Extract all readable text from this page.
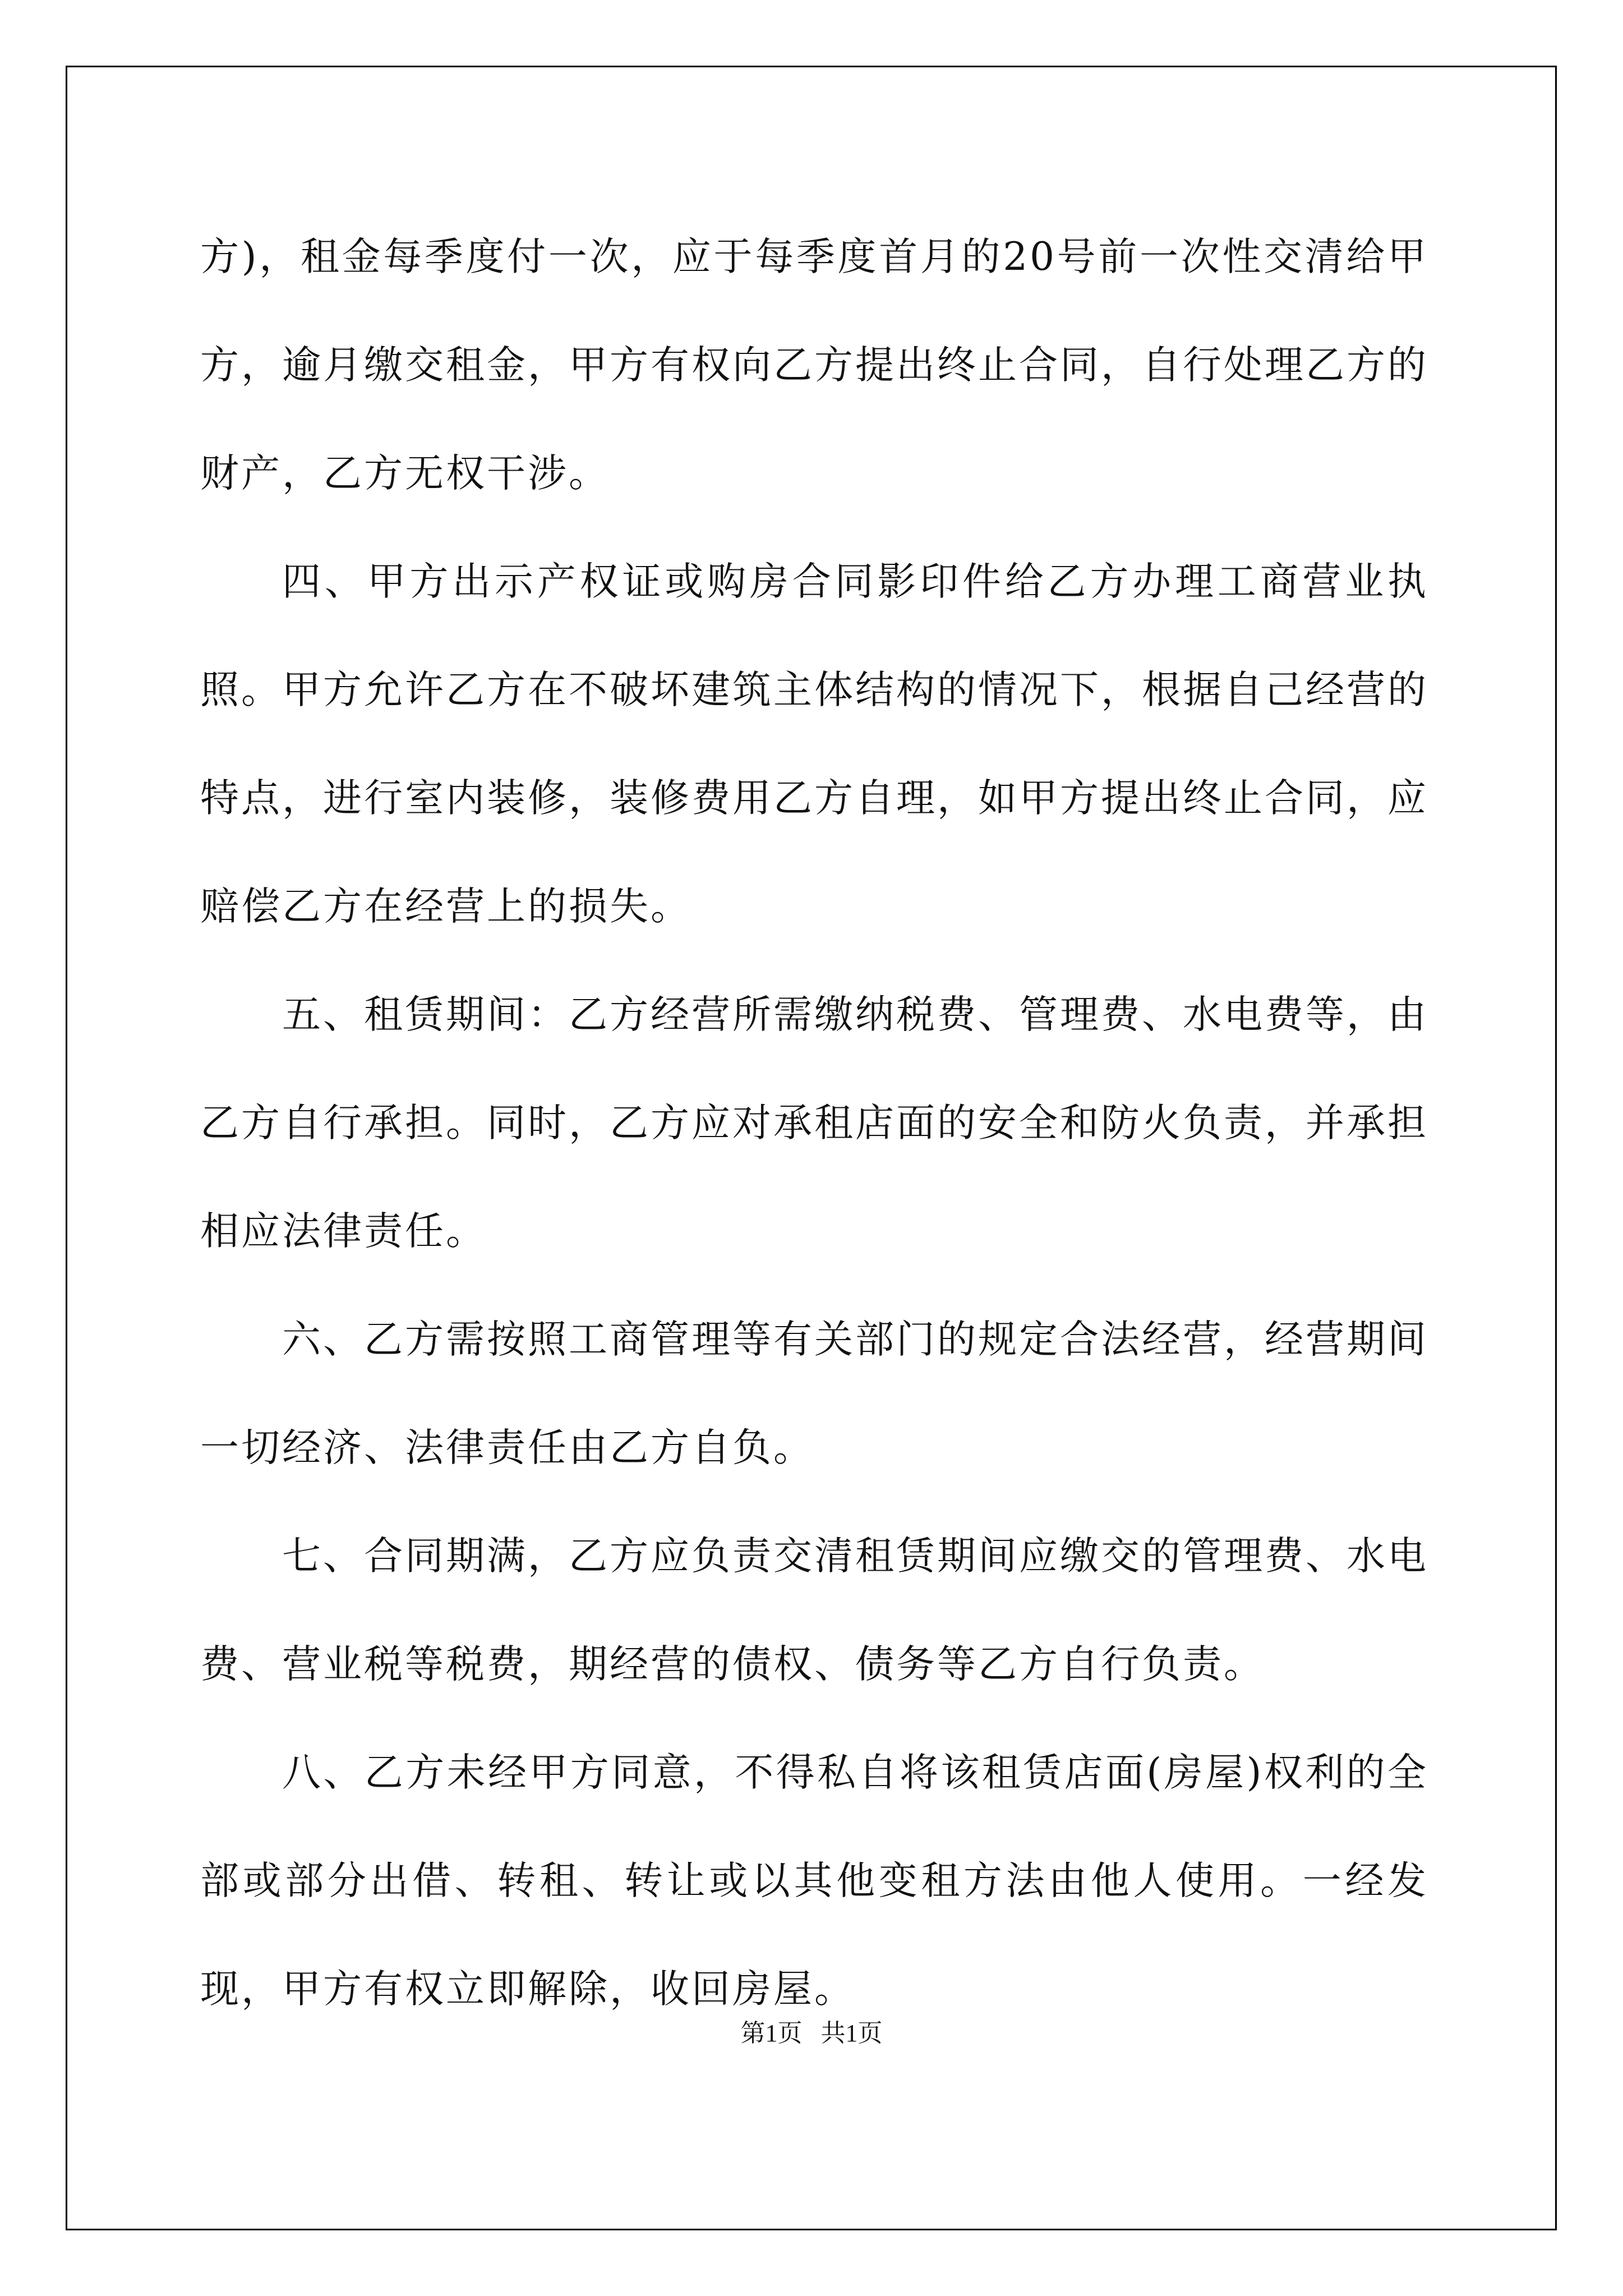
方)，租金每季度付一次，应于每季度首月的20号前一次性交清给甲方，逾月缴交租金，甲方有权向乙方提出终止合同，自行处理乙方的财产，乙方无权干涉。

四、甲方出示产权证或购房合同影印件给乙方办理工商营业执照。甲方允许乙方在不破坏建筑主体结构的情况下，根据自己经营的特点，进行室内装修，装修费用乙方自理，如甲方提出终止合同，应赔偿乙方在经营上的损失。

五、租赁期间：乙方经营所需缴纳税费、管理费、水电费等，由乙方自行承担。同时，乙方应对承租店面的安全和防火负责，并承担相应法律责任。

六、乙方需按照工商管理等有关部门的规定合法经营，经营期间一切经济、法律责任由乙方自负。

七、合同期满，乙方应负责交清租赁期间应缴交的管理费、水电费、营业税等税费，期经营的债权、债务等乙方自行负责。

八、乙方未经甲方同意，不得私自将该租赁店面(房屋)权利的全部或部分出借、转租、转让或以其他变租方法由他人使用。一经发现，甲方有权立即解除，收回房屋。

第1页 共1页
